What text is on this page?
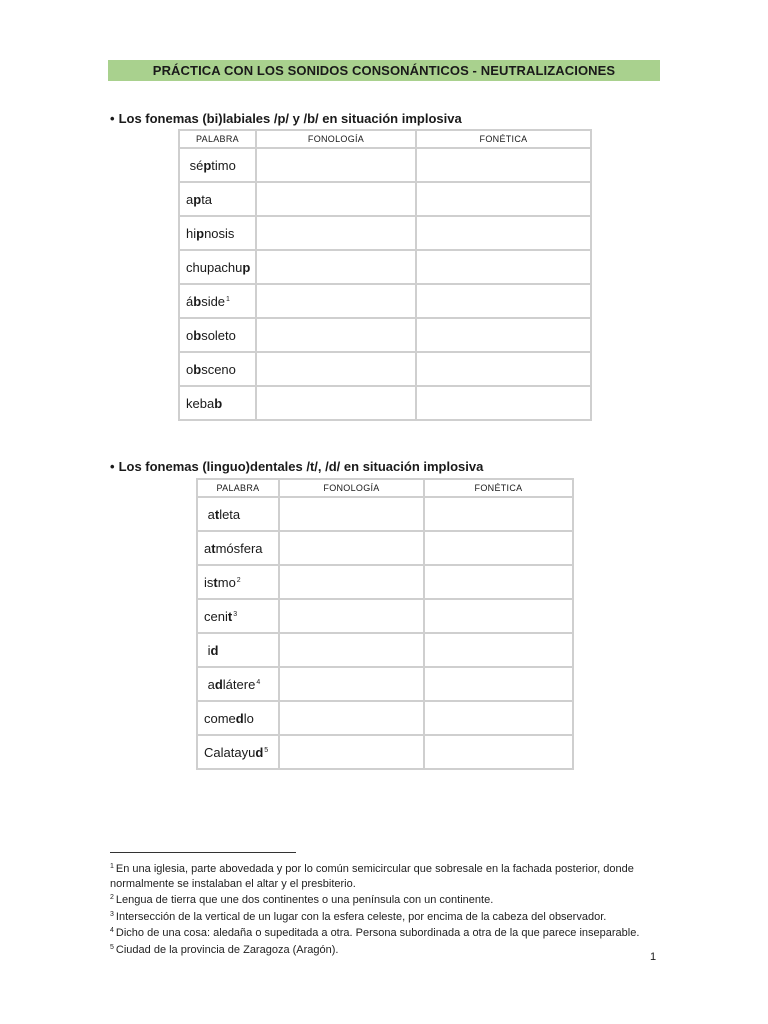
PRÁCTICA CON LOS SONIDOS CONSONÁNTICOS - NEUTRALIZACIONES
• Los fonemas (bi)labiales /p/ y /b/ en situación implosiva
PALABRA	FONOLOGÍA	FONÉTICA
séptimo		
apta		
hipnosis		
chupachup		
ábside$^1$		
obsoleto		
obsceno		
kebab		
• Los fonemas (linguo)dentales /t/, /d/ en situación implosiva
PALABRA	FONOLOGÍA	FONÉTICA
atleta		
atmósfera		
istmo$^2$		
cenit$^3$		
id		
adlátere$^4$		
comedlo		
Calatayud$^5$		

$^1$ En una iglesia, parte abovedada y por lo común semicircular que sobresale en la fachada posterior, donde normalmente se instalaban el altar y el presbiterio.

$^2$ Lengua de tierra que une dos continentes o una península con un continente.

$^3$ Intersección de la vertical de un lugar con la esfera celeste, por encima de la cabeza del observador.

$^4$ Dicho de una cosa: aledaña o supeditada a otra. Persona subordinada a otra de la que parece inseparable.

$^5$ Ciudad de la provincia de Zaragoza (Aragón).

1
